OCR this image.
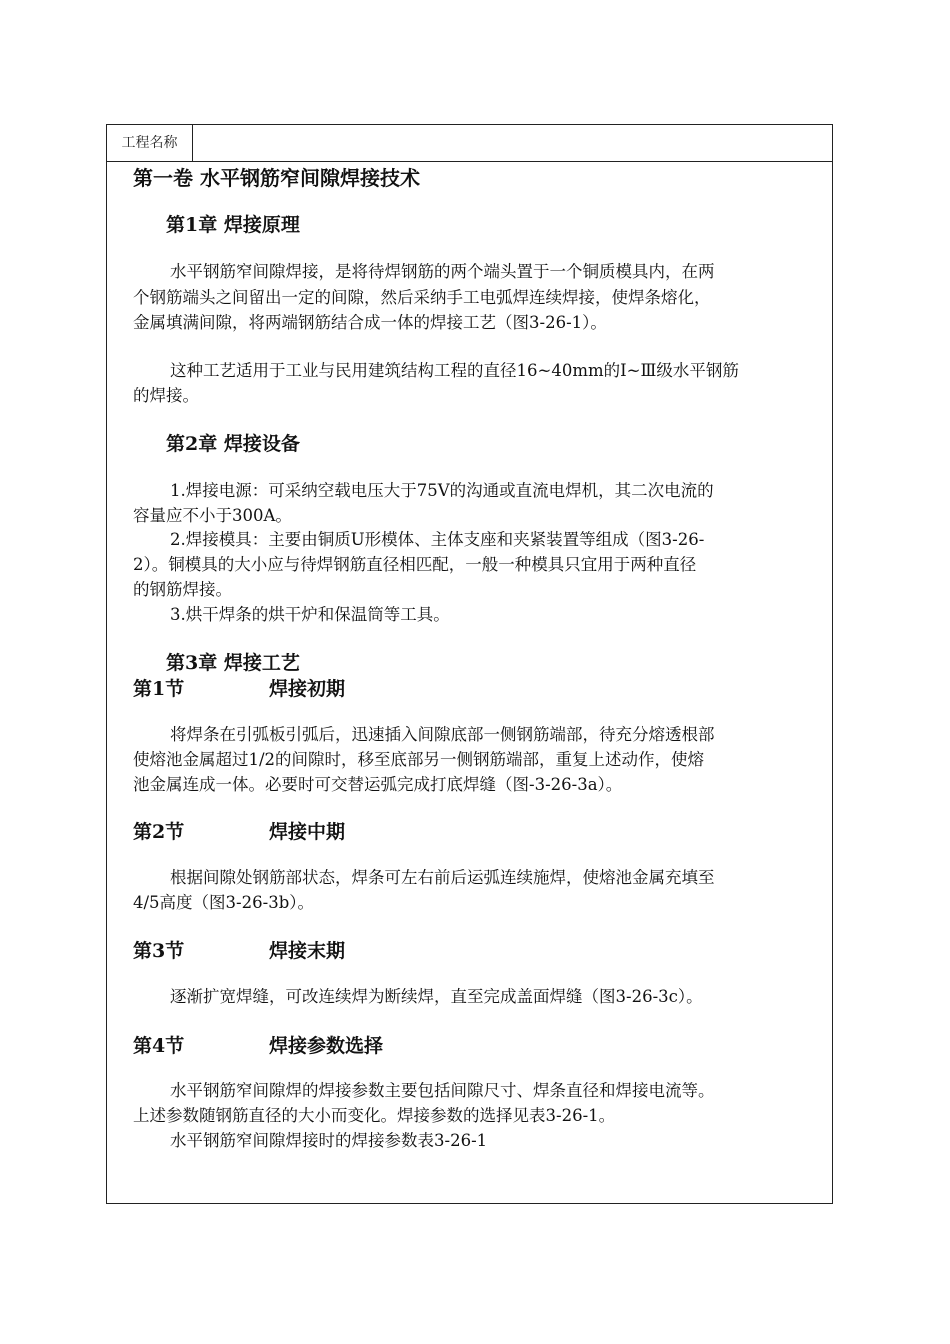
工程名称
第一卷 水平钢筋窄间隙焊接技术
第1章 焊接原理
水平钢筋窄间隙焊接，是将待焊钢筋的两个端头置于一个铜质模具内，在两
个钢筋端头之间留出一定的间隙，然后采纳手工电弧焊连续焊接，使焊条熔化，
金属填满间隙，将两端钢筋结合成一体的焊接工艺（图3-26-1）。
这种工艺适用于工业与民用建筑结构工程的直径16~40mm的Ⅰ~Ⅲ级水平钢筋
的焊接。
第2章 焊接设备
1.焊接电源：可采纳空载电压大于75V的沟通或直流电焊机，其二次电流的
容量应不小于300A。
2.焊接模具：主要由铜质U形模体、主体支座和夹紧装置等组成（图3-26-
2）。铜模具的大小应与待焊钢筋直径相匹配，一般一种模具只宜用于两种直径
的钢筋焊接。
3.烘干焊条的烘干炉和保温筒等工具。
第3章 焊接工艺
第1节	焊接初期
将焊条在引弧板引弧后，迅速插入间隙底部一侧钢筋端部，待充分熔透根部
使熔池金属超过1/2的间隙时，移至底部另一侧钢筋端部，重复上述动作，使熔
池金属连成一体。必要时可交替运弧完成打底焊缝（图-3-26-3a）。
第2节	焊接中期
根据间隙处钢筋部状态，焊条可左右前后运弧连续施焊，使熔池金属充填至
4/5高度（图3-26-3b）。
第3节	焊接末期
逐渐扩宽焊缝，可改连续焊为断续焊，直至完成盖面焊缝（图3-26-3c）。
第4节	焊接参数选择
水平钢筋窄间隙焊的焊接参数主要包括间隙尺寸、焊条直径和焊接电流等。
上述参数随钢筋直径的大小而变化。焊接参数的选择见表3-26-1。
水平钢筋窄间隙焊接时的焊接参数表3-26-1
